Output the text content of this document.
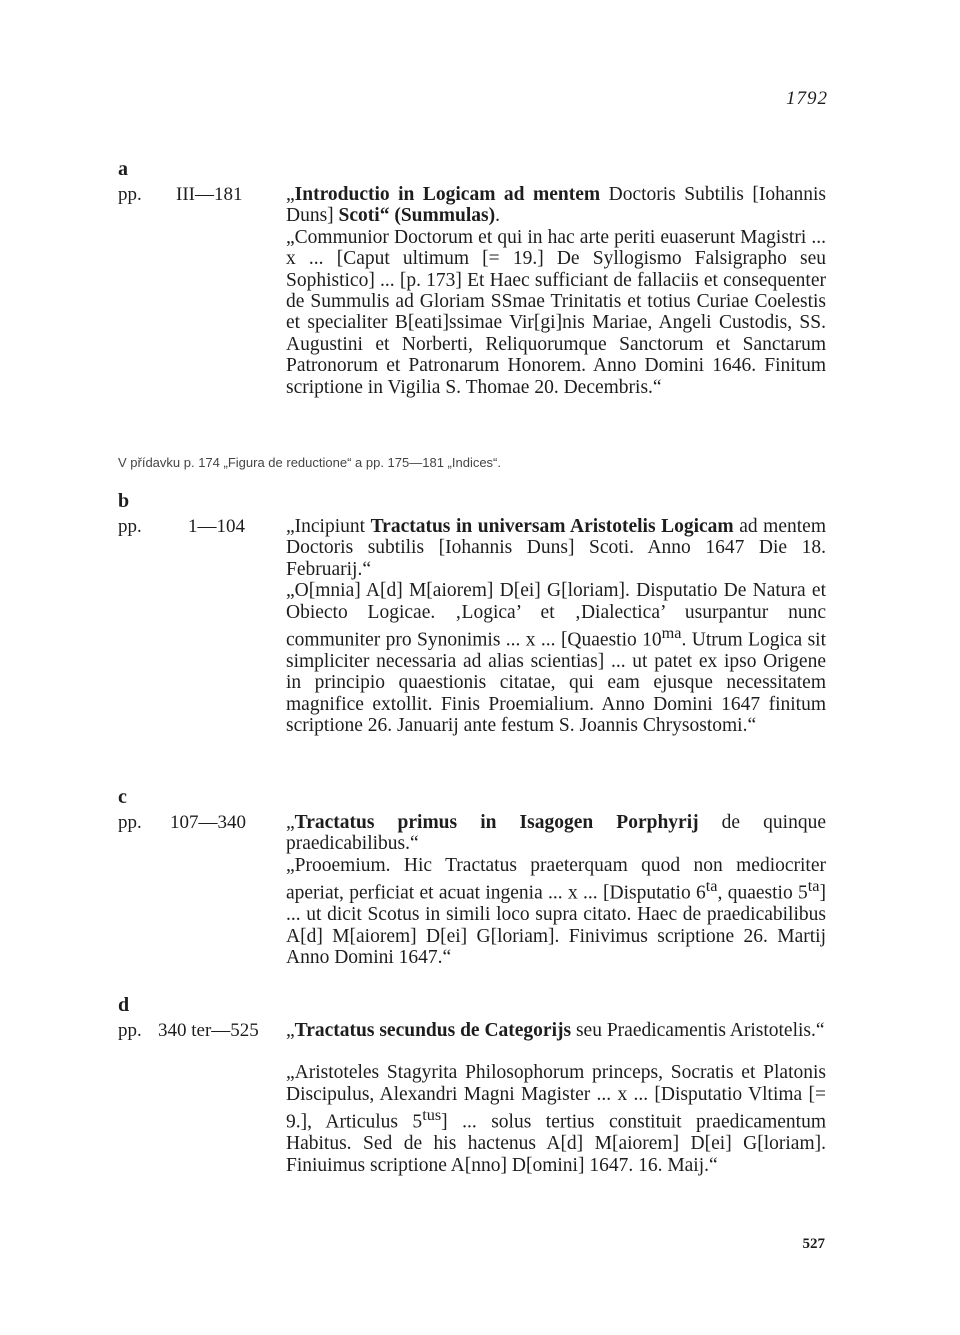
1792
a
pp. III—181 „Introductio in Logicam ad mentem Doctoris Subtilis [Iohannis Duns] Scoti“ (Summulas).

„Communior Doctorum et qui in hac arte periti euaserunt Magistri ... x ... [Caput ultimum [= 19.] De Syllogismo Falsigrapho seu Sophistico] ... [p. 173] Et Haec sufficiant de fallaciis et consequenter de Summulis ad Gloriam SSmae Trinitatis et totius Curiae Coelestis et specialiter B[eati]ssimae Vir[gi]nis Mariae, Angeli Custodis, SS. Augustini et Norberti, Reliquorumque Sanctorum et Sanctarum Patronorum et Patronarum Honorem. Anno Domini 1646. Finitum scriptione in Vigilia S. Thomae 20. Decembris.“

V přídavku p. 174 „Figura de reductione“ a pp. 175—181 „Indices“.
b
pp. 1—104 „Incipiunt Tractatus in universam Aristotelis Logicam ad mentem Doctoris subtilis [Iohannis Duns] Scoti. Anno 1647 Die 18. Februarij.“

„O[mnia] A[d] M[aiorem] D[ei] G[loriam]. Disputatio De Natura et Obiecto Logicae. ‚Logica’ et ‚Dialectica’ usurpantur nunc communiter pro Synonimis ... x ... [Quaestio $10^{ma}$. Utrum Logica sit simpliciter necessaria ad alias scientias] ... ut patet ex ipso Origene in principio quaestionis citatae, qui eam ejusque necessitatem magnifice extollit. Finis Proemialium. Anno Domini 1647 finitum scriptione 26. Januarij ante festum S. Joannis Chrysostomi.“

c
pp. 107—340 „Tractatus primus in Isagogen Porphyrij de quinque praedicabilibus.“

„Prooemium. Hic Tractatus praeterquam quod non mediocriter aperiat, perficiat et acuat ingenia ... x ... [Disputatio $6^{ta}$, quaestio $5^{ta}$] ... ut dicit Scotus in simili loco supra citato. Haec de praedicabilibus A[d] M[aiorem] D[ei] G[loriam]. Finivimus scriptione 26. Martij Anno Domini 1647.“

d
pp. 340 ter—525 „Tractatus secundus de Categorijs seu Praedicamentis Aristotelis.“

„Aristoteles Stagyrita Philosophorum princeps, Socratis et Platonis Discipulus, Alexandri Magni Magister ... x ... [Disputatio Vltima [= 9.], Articulus $5^{tus}$] ... solus tertius constituit praedicamentum Habitus. Sed de his hactenus A[d] M[aiorem] D[ei] G[loriam]. Finiuimus scriptione A[nno] D[omini] 1647. 16. Maij.“

527
